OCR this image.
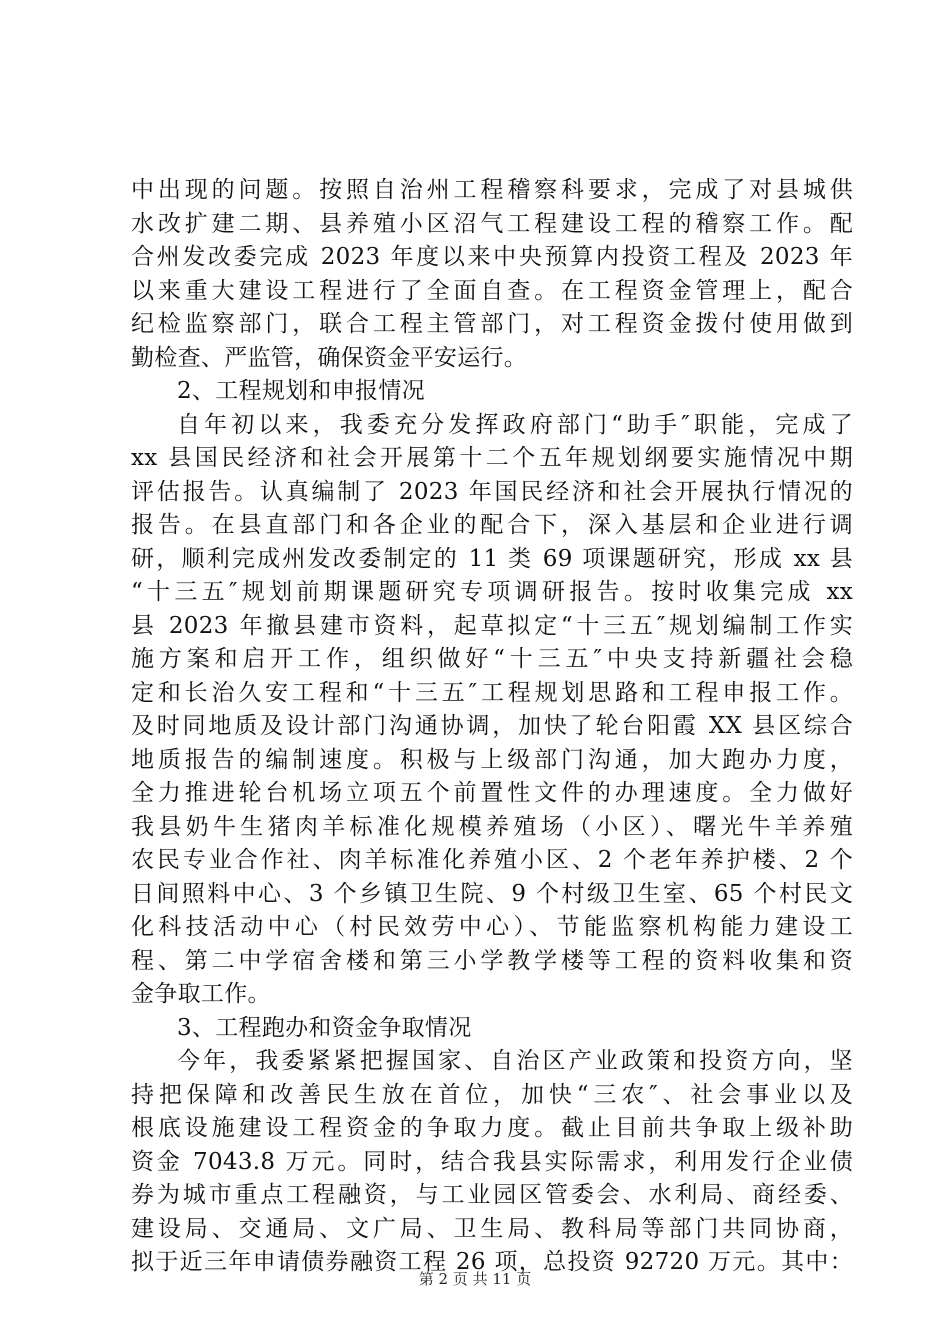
中出现的问题。按照自治州工程稽察科要求，完成了对县城供
水改扩建二期、县养殖小区沼气工程建设工程的稽察工作。配
合州发改委完成 2023 年度以来中央预算内投资工程及 2023 年
以来重大建设工程进行了全面自查。在工程资金管理上，配合
纪检监察部门，联合工程主管部门，对工程资金拨付使用做到
勤检查、严监管，确保资金平安运行。
2、工程规划和申报情况
自年初以来，我委充分发挥政府部门“助手″职能，完成了
xx 县国民经济和社会开展第十二个五年规划纲要实施情况中期
评估报告。认真编制了 2023 年国民经济和社会开展执行情况的
报告。在县直部门和各企业的配合下，深入基层和企业进行调
研，顺利完成州发改委制定的 11 类 69 项课题研究，形成 xx 县
“十三五″规划前期课题研究专项调研报告。按时收集完成 xx
县 2023 年撤县建市资料，起草拟定“十三五″规划编制工作实
施方案和启开工作，组织做好“十三五″中央支持新疆社会稳
定和长治久安工程和“十三五″工程规划思路和工程申报工作。
及时同地质及设计部门沟通协调，加快了轮台阳霞 XX 县区综合
地质报告的编制速度。积极与上级部门沟通，加大跑办力度，
全力推进轮台机场立项五个前置性文件的办理速度。全力做好
我县奶牛生猪肉羊标准化规模养殖场（小区）、曙光牛羊养殖
农民专业合作社、肉羊标准化养殖小区、2 个老年养护楼、2 个
日间照料中心、3 个乡镇卫生院、9 个村级卫生室、65 个村民文
化科技活动中心（村民效劳中心）、节能监察机构能力建设工
程、第二中学宿舍楼和第三小学教学楼等工程的资料收集和资
金争取工作。
3、工程跑办和资金争取情况
今年，我委紧紧把握国家、自治区产业政策和投资方向，坚
持把保障和改善民生放在首位，加快“三农″、社会事业以及
根底设施建设工程资金的争取力度。截止目前共争取上级补助
资金 7043.8 万元。同时，结合我县实际需求，利用发行企业债
券为城市重点工程融资，与工业园区管委会、水利局、商经委、
建设局、交通局、文广局、卫生局、教科局等部门共同协商，
拟于近三年申请债券融资工程 26 项，总投资 92720 万元。其中：
第 2 页 共 11 页
